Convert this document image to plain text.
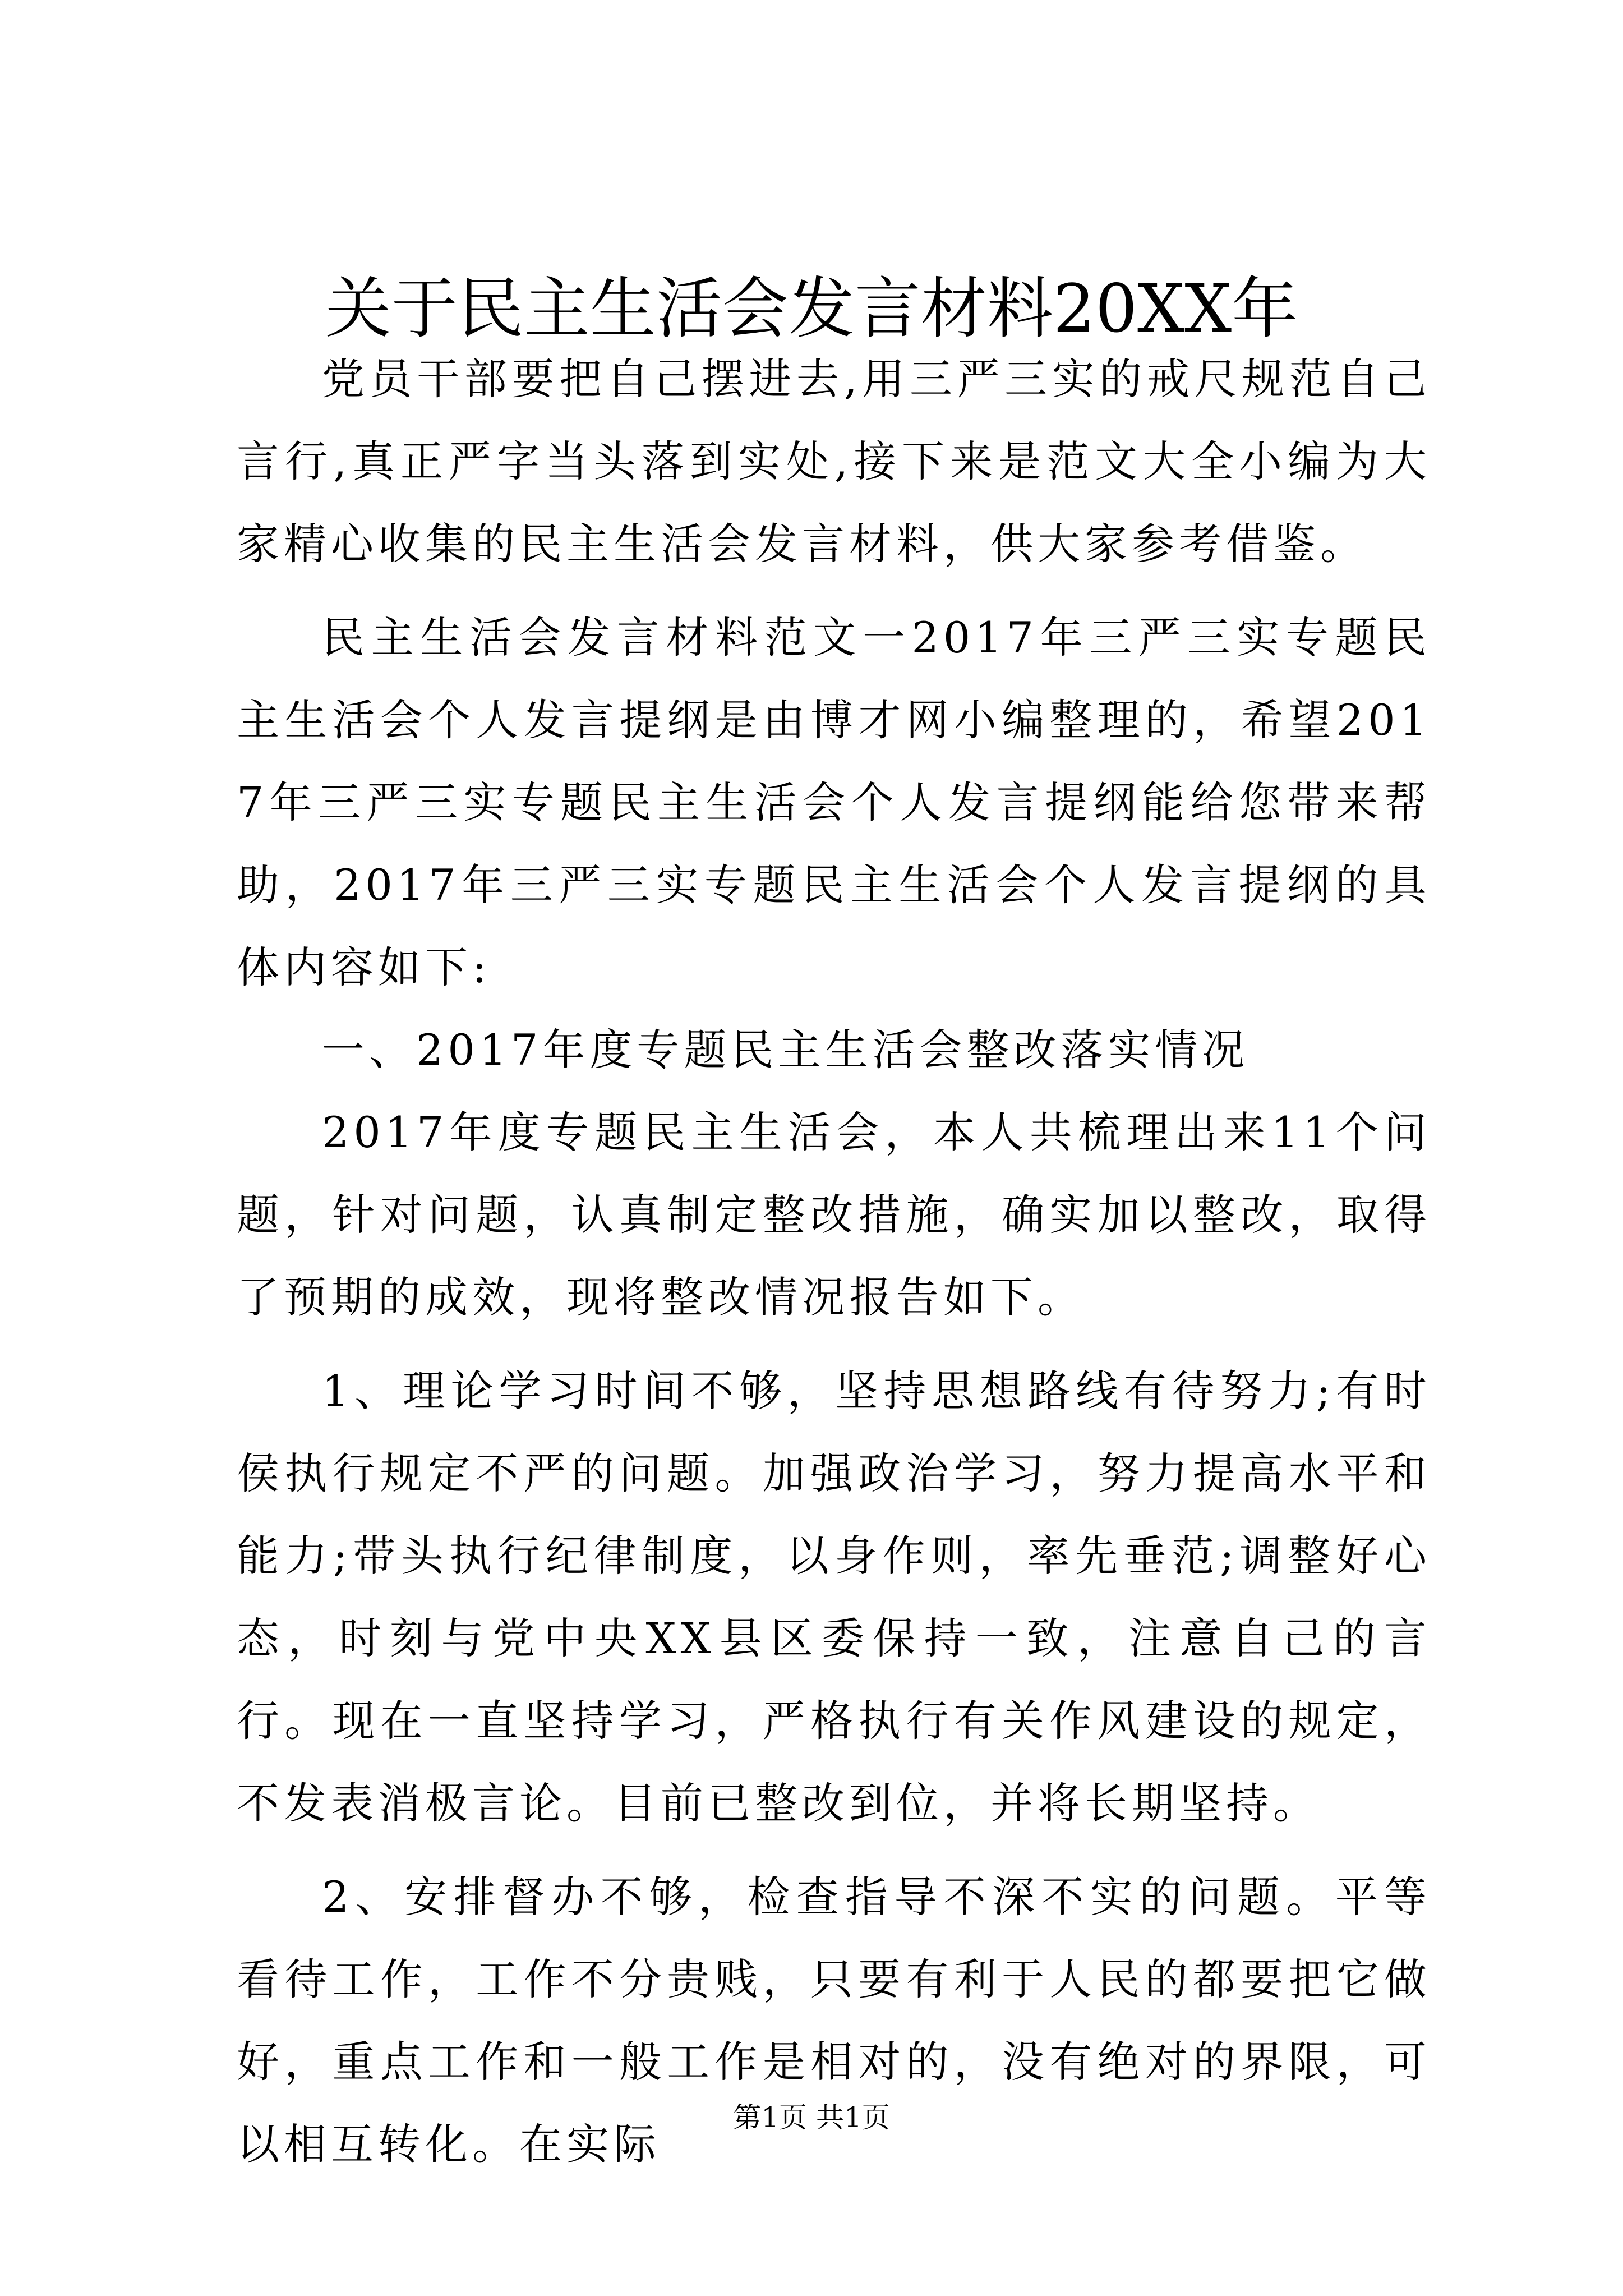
关于民主生活会发言材料20XX年

党员干部要把自己摆进去,用三严三实的戒尺规范自己言行,真正严字当头落到实处,接下来是范文大全小编为大家精心收集的民主生活会发言材料，供大家参考借鉴。

民主生活会发言材料范文一2017年三严三实专题民主生活会个人发言提纲是由博才网小编整理的，希望2017年三严三实专题民主生活会个人发言提纲能给您带来帮助，2017年三严三实专题民主生活会个人发言提纲的具体内容如下:

一、2017年度专题民主生活会整改落实情况

2017年度专题民主生活会，本人共梳理出来11个问题，针对问题，认真制定整改措施，确实加以整改，取得了预期的成效，现将整改情况报告如下。

1、理论学习时间不够，坚持思想路线有待努力;有时侯执行规定不严的问题。加强政治学习，努力提高水平和能力;带头执行纪律制度，以身作则，率先垂范;调整好心态，时刻与党中央XX县区委保持一致，注意自己的言行。现在一直坚持学习，严格执行有关作风建设的规定，不发表消极言论。目前已整改到位，并将长期坚持。

2、安排督办不够，检查指导不深不实的问题。平等看待工作，工作不分贵贱，只要有利于人民的都要把它做好，重点工作和一般工作是相对的，没有绝对的界限，可以相互转化。在实际

第1页 共1页
